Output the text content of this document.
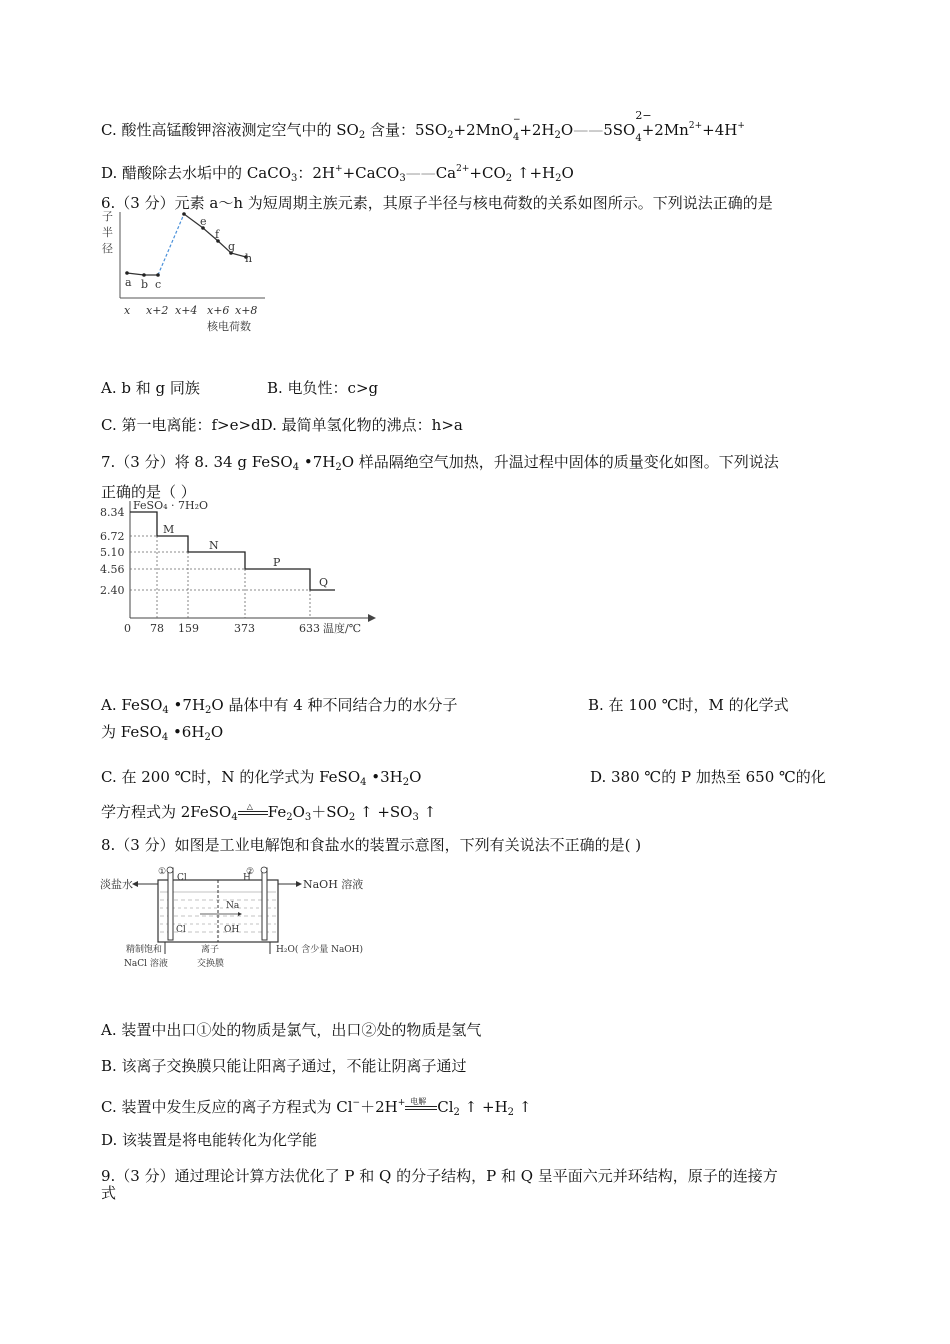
C. 酸性高锰酸钾溶液测定空气中的 $SO_2$ 含量：$5SO_2+2MnO_4$
−
$+2H_2O——5SO_4$
2−
$+2Mn^{2+}+4H^+$
D. 醋酸除去水垢中的 CaCO$_3$：$2H^++CaCO_3——Ca^{2+}+CO_2$ $↑+H_2O$
6.（3 分）元素 a～h 为短周期主族元素，其原子半径与核电荷数的关系如图所示。下列说法正确的是
子
半
径
a b c
e
f
g
h
x x+2 x+4 x+6 x+8
核电荷数
A. b 和 g 同族	B. 电负性：c>g
C. 第一电离能：f>e>dD. 最简单氢化物的沸点：h>a
7.（3 分）将 8. 34 g FeSO$_4$ $•7H_2O$ 样品隔绝空气加热，升温过程中固体的质量变化如图。下列说法
正确的是（ ）
8.34
6.72
5.10
4.56
2.40
0 78 159	373	633 温度/℃
FeSO₄ · 7H₂O
M
N
P
Q
A. FeSO$_4$ $•7H_2O$ 晶体中有 4 种不同结合力的水分子	B. 在 100 ℃时，M 的化学式
为 FeSO$_4$ $•6H_2O$
C. 在 200 ℃时，N 的化学式为 FeSO$_4$ $•3H_2O$	D. 380 ℃的 P 加热至 650 ℃的化
学方程式为 2FeSO$_4$
△ $Fe_2O_3+SO_2$ ↑ $+SO_3$ ↑
8.（3 分）如图是工业电解饱和食盐水的装置示意图，下列有关说法不正确的是( )
①	②
淡盐水	NaOH 溶液
Cl	H
Na
Cl	OH
精制饱和
NaCl 溶液
离子
交换膜
H₂O( 含少量 NaOH)
A. 装置中出口①处的物质是氯气，出口②处的物质是氢气
B. 该离子交换膜只能让阳离子通过，不能让阴离子通过
C. 装置中发生反应的离子方程式为 Cl−＋2H+ 电解 $Cl_2$ ↑ $+H_2$ ↑
D. 该装置是将电能转化为化学能
9.（3 分）通过理论计算方法优化了 P 和 Q 的分子结构，P 和 Q 呈平面六元并环结构，原子的连接方
式
